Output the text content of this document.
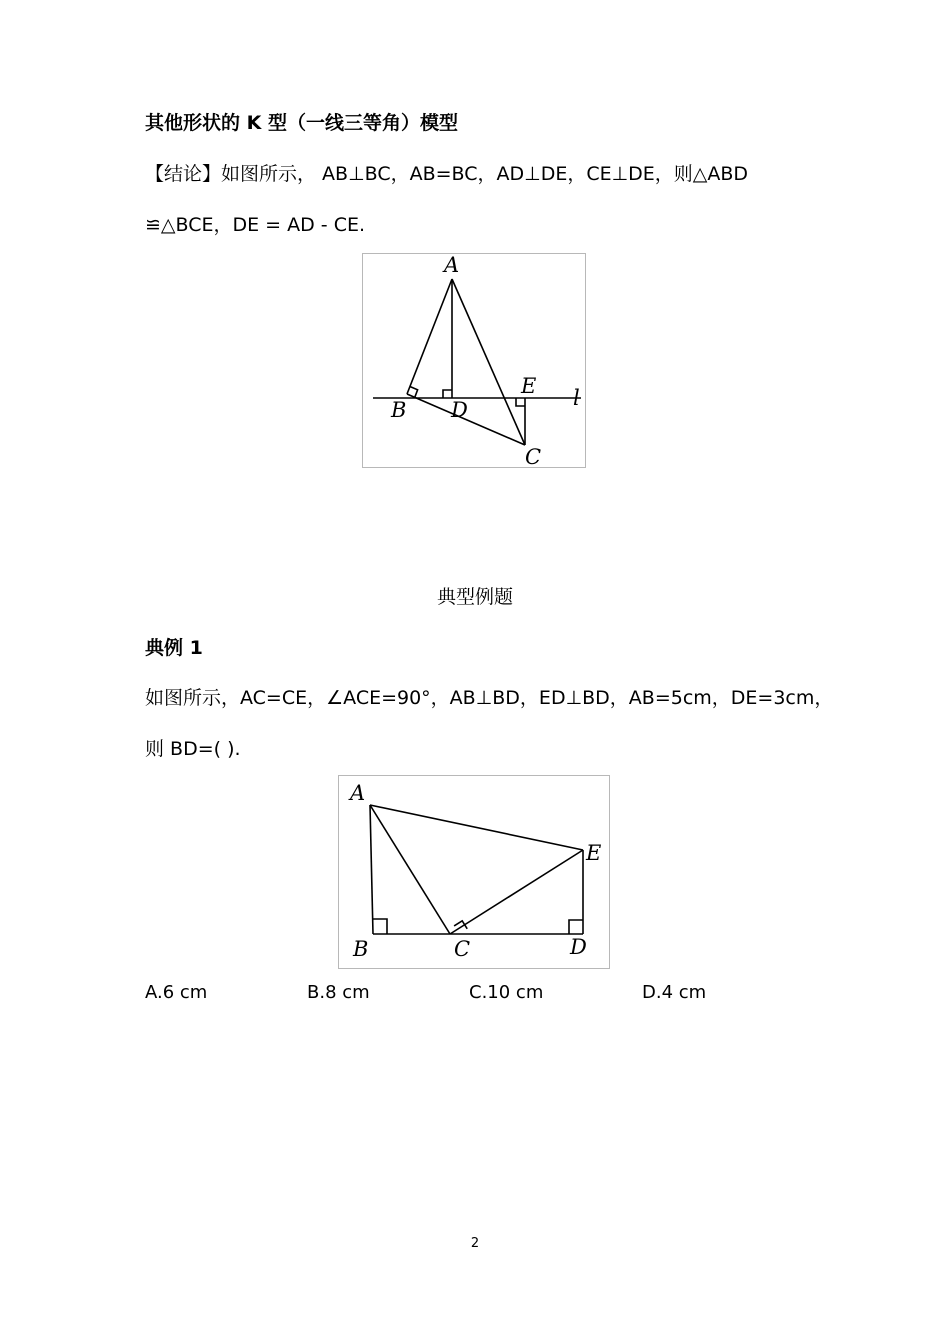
其他形状的 K 型（一线三等角）模型
【结论】如图所示， AB⊥BC，AB=BC，AD⊥DE，CE⊥DE，则△ABD
≌△BCE，DE = AD - CE.
A
B D
E
C
l
典型例题
典例 1
如图所示，AC=CE，∠ACE=90°，AB⊥BD，ED⊥BD，AB=5cm，DE=3cm，
则 BD=( ).
A
B	C	D
E
A.6 cm	B.8 cm	C.10 cm	D.4 cm
2
